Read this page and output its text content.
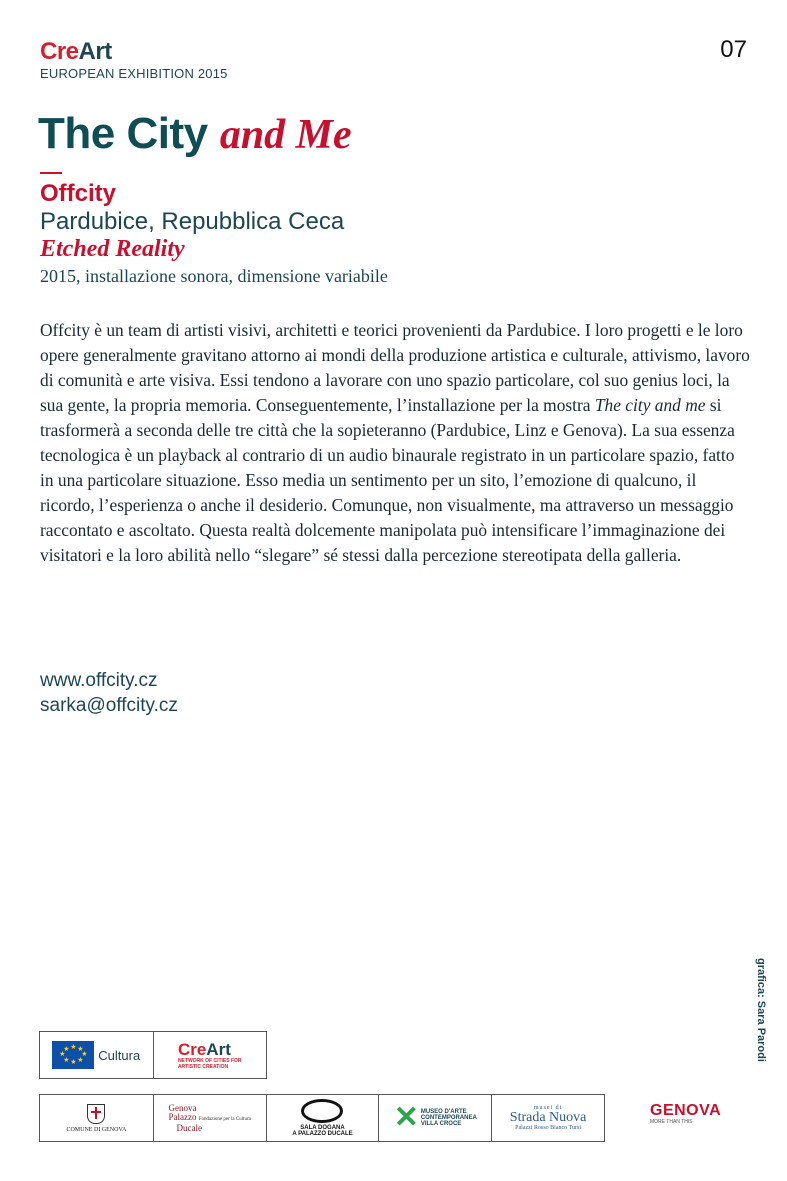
CreArt
EUROPEAN EXHIBITION 2015
07
The City and Me
Offcity
Pardubice, Repubblica Ceca
Etched Reality
2015, installazione sonora, dimensione variabile

Offcity è un team di artisti visivi, architetti e teorici provenienti da Pardubice. I loro progetti e le loro opere generalmente gravitano attorno ai mondi della produzione artistica e culturale, attivismo, lavoro di comunità e arte visiva. Essi tendono a lavorare con uno spazio particolare, col suo genius loci, la sua gente, la propria memoria. Conseguentemente, l’installazione per la mostra The city and me si trasformerà a seconda delle tre città che la sopieteranno (Pardubice, Linz e Genova). La sua essenza tecnologica è un playback al contrario di un audio binaurale registrato in un particolare spazio, fatto in una particolare situazione. Esso media un sentimento per un sito, l’emozione di qualcuno, il ricordo, l’esperienza o anche il desiderio. Comunque, non visualmente, ma attraverso un messaggio raccontato e ascoltato. Questa realtà dolcemente manipolata può intensificare l’immaginazione dei visitatori e la loro abilità nello “slegare” sé stessi dalla percezione stereotipata della galleria.

www.offcity.cz
sarka@offcity.cz
grafica: Sara Parodi
★ ★
★
★
★
★
★
★ Cultura CreArt
NETWORK OF CITIES FOR
ARTISTIC CREATION
COMUNE DI GENOVA
Genova
Palazzo Fondazione per la Cultura
Ducale	SALA DOGANA
A PALAZZO DUCALE ✕ MUSEO D'ARTE
CONTEMPORANEA
VILLA CROCE
musei di
Strada Nuova
Palazzi Rosso Bianco Tursi
GENOVA
MORE THAN THIS
